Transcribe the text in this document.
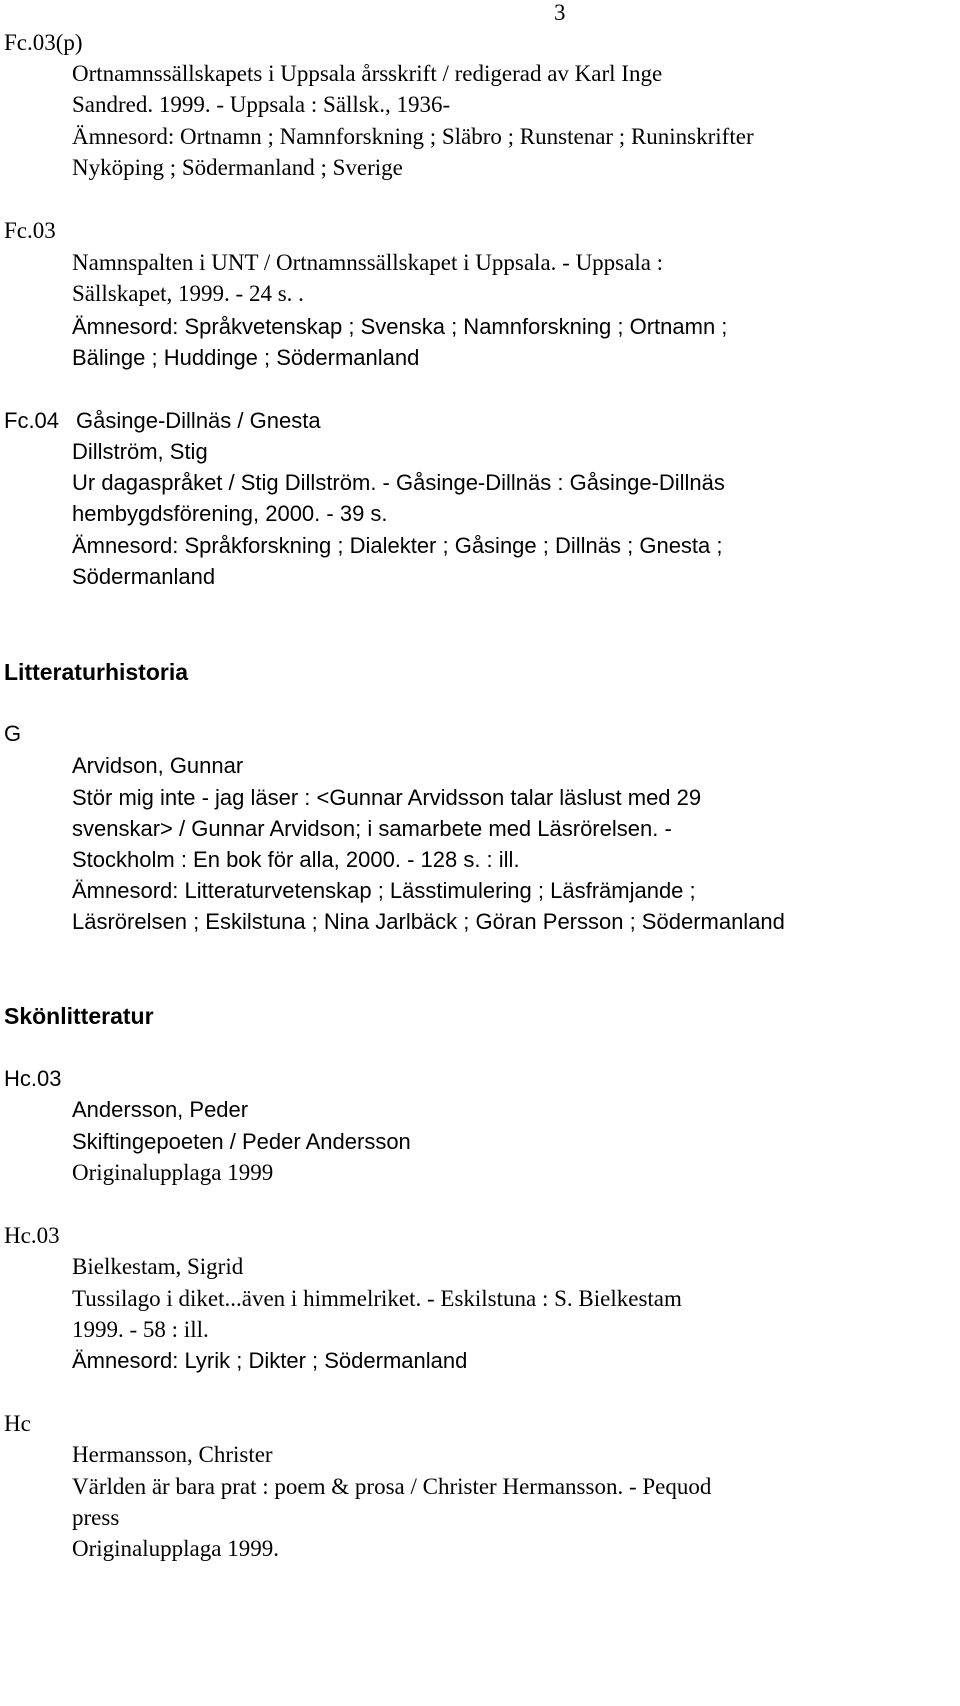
3
Fc.03(p)
Ortnamnssällskapets i Uppsala årsskrift / redigerad av Karl Inge
Sandred. 1999. - Uppsala : Sällsk., 1936-
Ämnesord: Ortnamn ; Namnforskning ; Släbro ; Runstenar ; Runinskrifter
Nyköping ; Södermanland ; Sverige
Fc.03
Namnspalten i UNT / Ortnamnssällskapet i Uppsala. - Uppsala :
Sällskapet, 1999. - 24 s. .
Ämnesord: Språkvetenskap ; Svenska ; Namnforskning ; Ortnamn ;
Bälinge ; Huddinge ; Södermanland
Fc.04 Gåsinge-Dillnäs / Gnesta
Dillström, Stig
Ur dagaspråket / Stig Dillström. - Gåsinge-Dillnäs : Gåsinge-Dillnäs
hembygdsförening, 2000. - 39 s.
Ämnesord: Språkforskning ; Dialekter ; Gåsinge ; Dillnäs ; Gnesta ;
Södermanland
Litteraturhistoria
G
Arvidson, Gunnar
Stör mig inte - jag läser : <Gunnar Arvidsson talar läslust med 29
svenskar> / Gunnar Arvidson; i samarbete med Läsrörelsen. -
Stockholm : En bok för alla, 2000. - 128 s. : ill.
Ämnesord: Litteraturvetenskap ; Lässtimulering ; Läsfrämjande ;
Läsrörelsen ; Eskilstuna ; Nina Jarlbäck ; Göran Persson ; Södermanland
Skönlitteratur
Hc.03
Andersson, Peder
Skiftingepoeten / Peder Andersson
Originalupplaga 1999
Hc.03
Bielkestam, Sigrid
Tussilago i diket...även i himmelriket. - Eskilstuna : S. Bielkestam
1999. - 58 : ill.
Ämnesord: Lyrik ; Dikter ; Södermanland
Hc
Hermansson, Christer
Världen är bara prat : poem & prosa / Christer Hermansson. - Pequod
press
Originalupplaga 1999.
